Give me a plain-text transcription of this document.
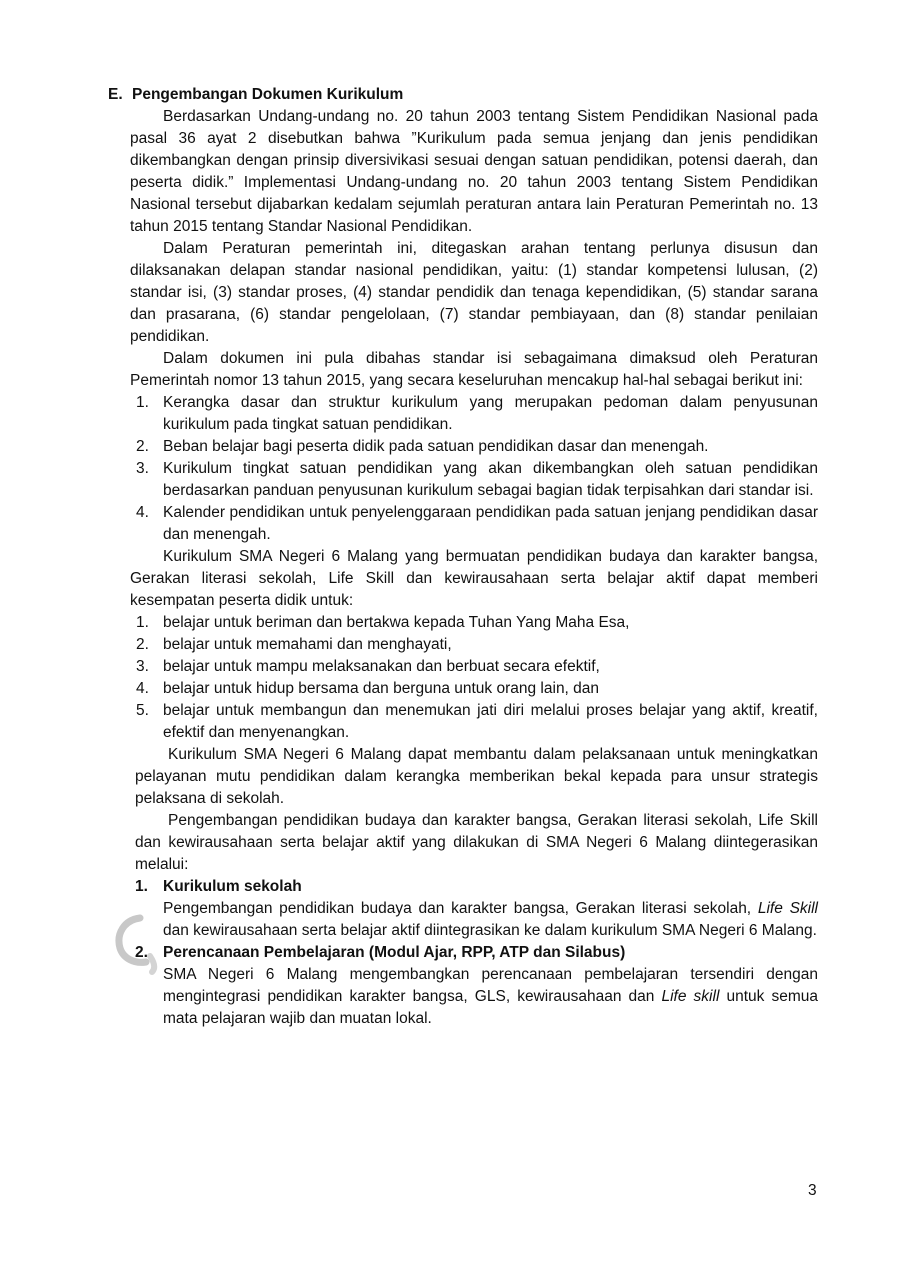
E. Pengembangan Dokumen Kurikulum

Berdasarkan Undang-undang no. 20 tahun 2003 tentang Sistem Pendidikan Nasional pada pasal 36 ayat 2 disebutkan bahwa ”Kurikulum pada semua jenjang dan jenis pendidikan dikembangkan dengan prinsip diversivikasi sesuai dengan satuan pendidikan, potensi daerah, dan peserta didik.” Implementasi Undang-undang no. 20 tahun 2003 tentang Sistem Pendidikan Nasional tersebut dijabarkan kedalam sejumlah peraturan antara lain Peraturan Pemerintah no. 13 tahun 2015 tentang Standar Nasional Pendidikan.

Dalam Peraturan pemerintah ini, ditegaskan arahan tentang perlunya disusun dan dilaksanakan delapan standar nasional pendidikan, yaitu: (1) standar kompetensi lulusan, (2) standar isi, (3) standar proses, (4) standar pendidik dan tenaga kependidikan, (5) standar sarana dan prasarana, (6) standar pengelolaan, (7) standar pembiayaan, dan (8) standar penilaian pendidikan.

Dalam dokumen ini pula dibahas standar isi sebagaimana dimaksud oleh Peraturan Pemerintah nomor 13 tahun 2015, yang secara keseluruhan mencakup hal-hal sebagai berikut ini:

1. Kerangka dasar dan struktur kurikulum yang merupakan pedoman dalam penyusunan kurikulum pada tingkat satuan pendidikan.
2. Beban belajar bagi peserta didik pada satuan pendidikan dasar dan menengah.
3. Kurikulum tingkat satuan pendidikan yang akan dikembangkan oleh satuan pendidikan berdasarkan panduan penyusunan kurikulum sebagai bagian tidak terpisahkan dari standar isi.
4. Kalender pendidikan untuk penyelenggaraan pendidikan pada satuan jenjang pendidikan dasar dan menengah.

Kurikulum SMA Negeri 6 Malang yang bermuatan pendidikan budaya dan karakter bangsa, Gerakan literasi sekolah, Life Skill dan kewirausahaan serta belajar aktif dapat memberi kesempatan peserta didik untuk:

1. belajar untuk beriman dan bertakwa kepada Tuhan Yang Maha Esa,
2. belajar untuk memahami dan menghayati,
3. belajar untuk mampu melaksanakan dan berbuat secara efektif,
4. belajar untuk hidup bersama dan berguna untuk orang lain, dan
5. belajar untuk membangun dan menemukan jati diri melalui proses belajar yang aktif, kreatif, efektif dan menyenangkan.

Kurikulum SMA Negeri 6 Malang dapat membantu dalam pelaksanaan untuk meningkatkan pelayanan mutu pendidikan dalam kerangka memberikan bekal kepada para unsur strategis pelaksana di sekolah.

Pengembangan pendidikan budaya dan karakter bangsa, Gerakan literasi sekolah, Life Skill dan kewirausahaan serta belajar aktif yang dilakukan di SMA Negeri 6 Malang diintegerasikan melalui:

1. Kurikulum sekolah
Pengembangan pendidikan budaya dan karakter bangsa, Gerakan literasi sekolah, Life Skill dan kewirausahaan serta belajar aktif diintegrasikan ke dalam kurikulum SMA Negeri 6 Malang.
2. Perencanaan Pembelajaran (Modul Ajar, RPP, ATP dan Silabus)
SMA Negeri 6 Malang mengembangkan perencanaan pembelajaran tersendiri dengan mengintegrasi pendidikan karakter bangsa, GLS, kewirausahaan dan Life skill untuk semua mata pelajaran wajib dan muatan lokal.
3
